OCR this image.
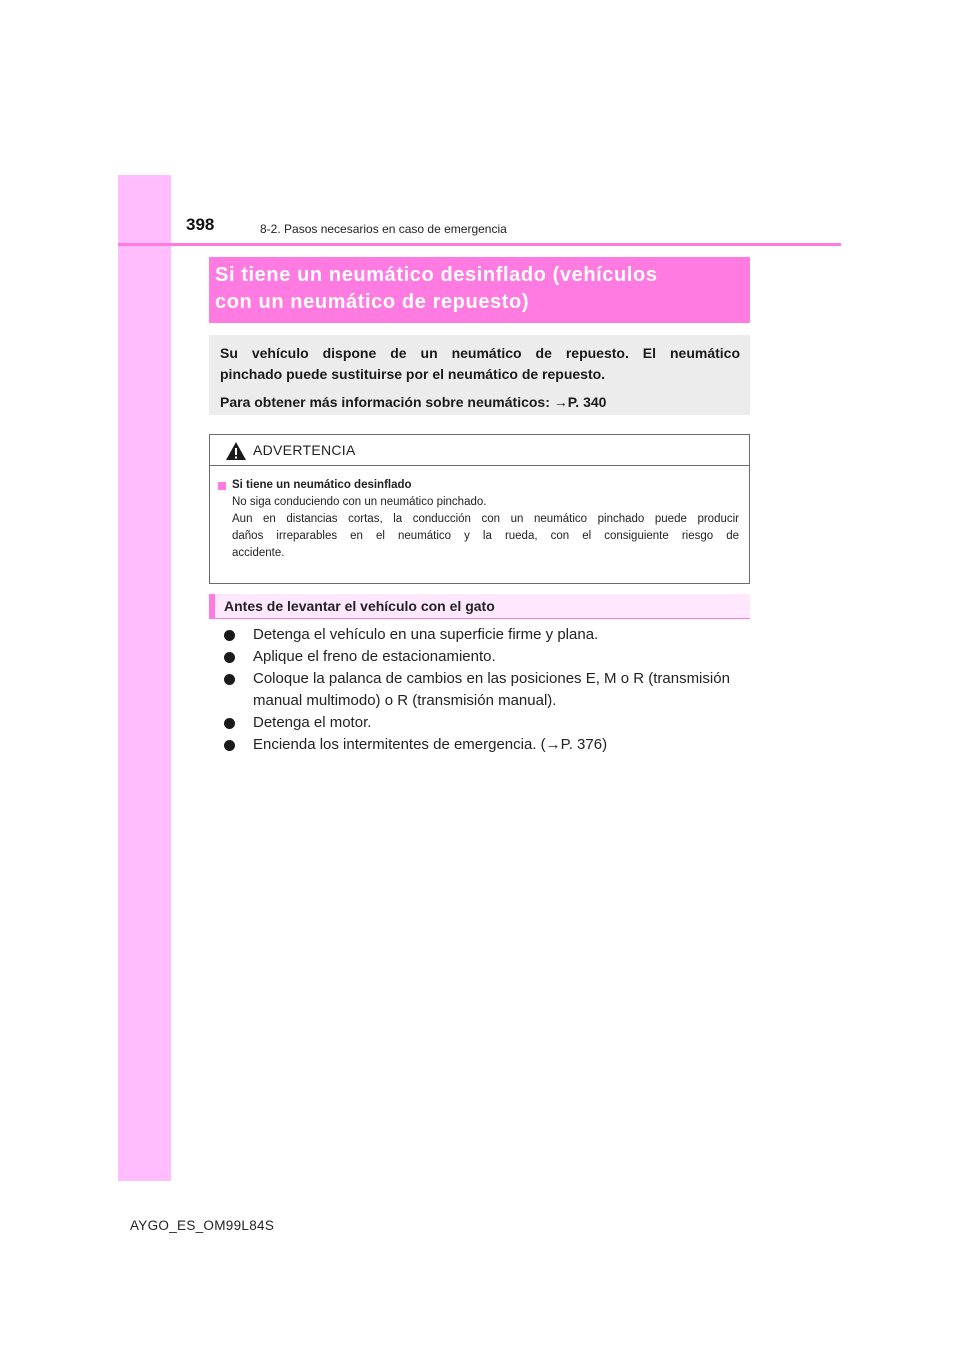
398	8-2. Pasos necesarios en caso de emergencia
Si tiene un neumático desinflado (vehículos
con un neumático de repuesto)
Su vehículo dispone de un neumático de repuesto. El neumático
pinchado puede sustituirse por el neumático de repuesto.
Para obtener más información sobre neumáticos: →P. 340
ADVERTENCIA
Si tiene un neumático desinflado
No siga conduciendo con un neumático pinchado.
Aun en distancias cortas, la conducción con un neumático pinchado puede producir
daños irreparables en el neumático y la rueda, con el consiguiente riesgo de
accidente.
Antes de levantar el vehículo con el gato
Detenga el vehículo en una superficie firme y plana.
Aplique el freno de estacionamiento.
Coloque la palanca de cambios en las posiciones E, M o R (transmisión
manual multimodo) o R (transmisión manual).
Detenga el motor.
Encienda los intermitentes de emergencia. (→P. 376)
AYGO_ES_OM99L84S
